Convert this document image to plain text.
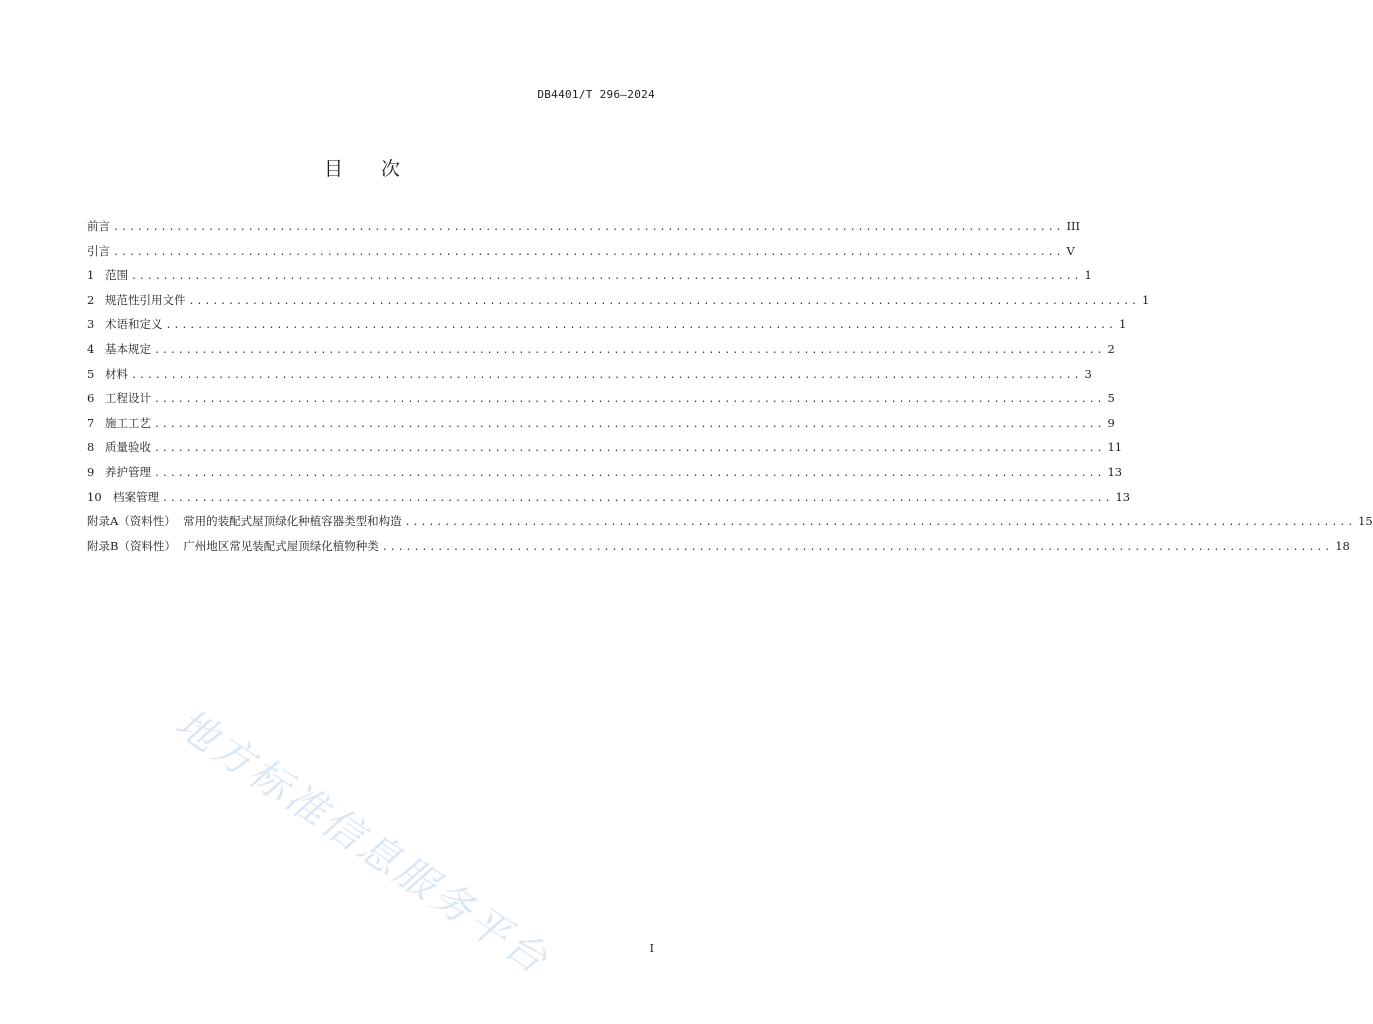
DB4401/T 296—2024
目 次
前言 ........................................................................................................................ III
引言 ........................................................................................................................ V
1 范围 ........................................................................................................................ 1
2 规范性引用文件 ........................................................................................................................ 1
3 术语和定义 ........................................................................................................................ 1
4 基本规定 ........................................................................................................................ 2
5 材料 ........................................................................................................................ 3
6 工程设计 ........................................................................................................................ 5
7 施工工艺 ........................................................................................................................ 9
8 质量验收 ........................................................................................................................ 11
9 养护管理 ........................................................................................................................ 13
10 档案管理 ........................................................................................................................ 13
附录A（资料性）  常用的装配式屋顶绿化种植容器类型和构造 ........................................................................................................................ 15
附录B（资料性）  广州地区常见装配式屋顶绿化植物种类 ........................................................................................................................ 18
地方标准信息服务平台	I
